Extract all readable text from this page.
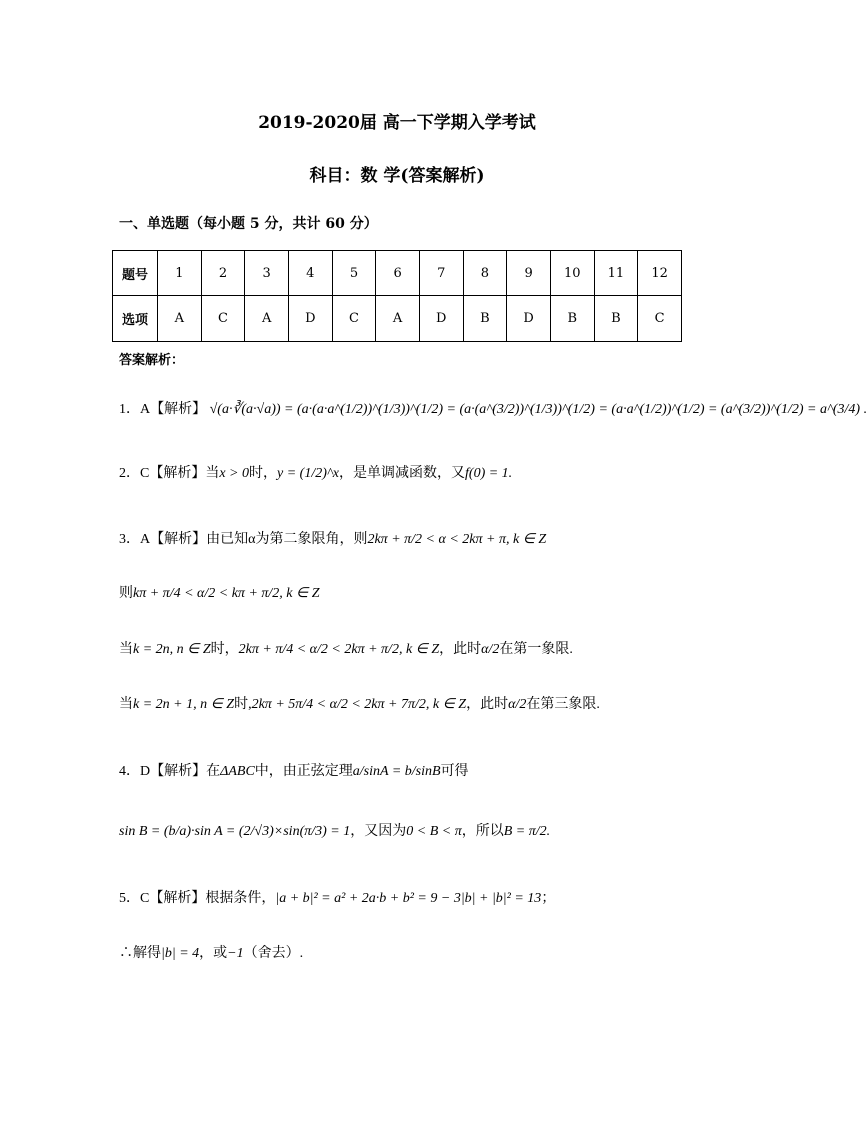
2019-2020届 高一下学期入学考试
科目：数 学(答案解析)
一、单选题（每小题 5 分，共计 60 分）
题号	1	2	3	4	5	6	7	8	9	10	11	12
选项	A	C	A	D	C	A	D	B	D	B	B	C
答案解析：
1．A【解析】 √(a·∛(a·√a)) = (a·(a·a^(1/2))^(1/3))^(1/2) = (a·(a^(3/2))^(1/3))^(1/2) = (a·a^(1/2))^(1/2) = (a^(3/2))^(1/2) = a^(3/4) .
2．C【解析】当x > 0时，y = (1/2)^x，是单调减函数，又f(0) = 1.
3．A【解析】由已知α为第二象限角，则2kπ + π/2 < α < 2kπ + π, k ∈ Z
则kπ + π/4 < α/2 < kπ + π/2, k ∈ Z
当k = 2n, n ∈ Z时，2kπ + π/4 < α/2 < 2kπ + π/2, k ∈ Z，此时α/2在第一象限.
当k = 2n + 1, n ∈ Z时,2kπ + 5π/4 < α/2 < 2kπ + 7π/2, k ∈ Z，此时α/2在第三象限.
4．D【解析】在ΔABC中，由正弦定理a/sinA = b/sinB可得
sin B = (b/a)·sin A = (2/√3)×sin(π/3) = 1，又因为0 < B < π，所以B = π/2.
5．C【解析】根据条件，|a + b|² = a² + 2a·b + b² = 9 − 3|b| + |b|² = 13；
∴解得|b| = 4，或−1（舍去）.
